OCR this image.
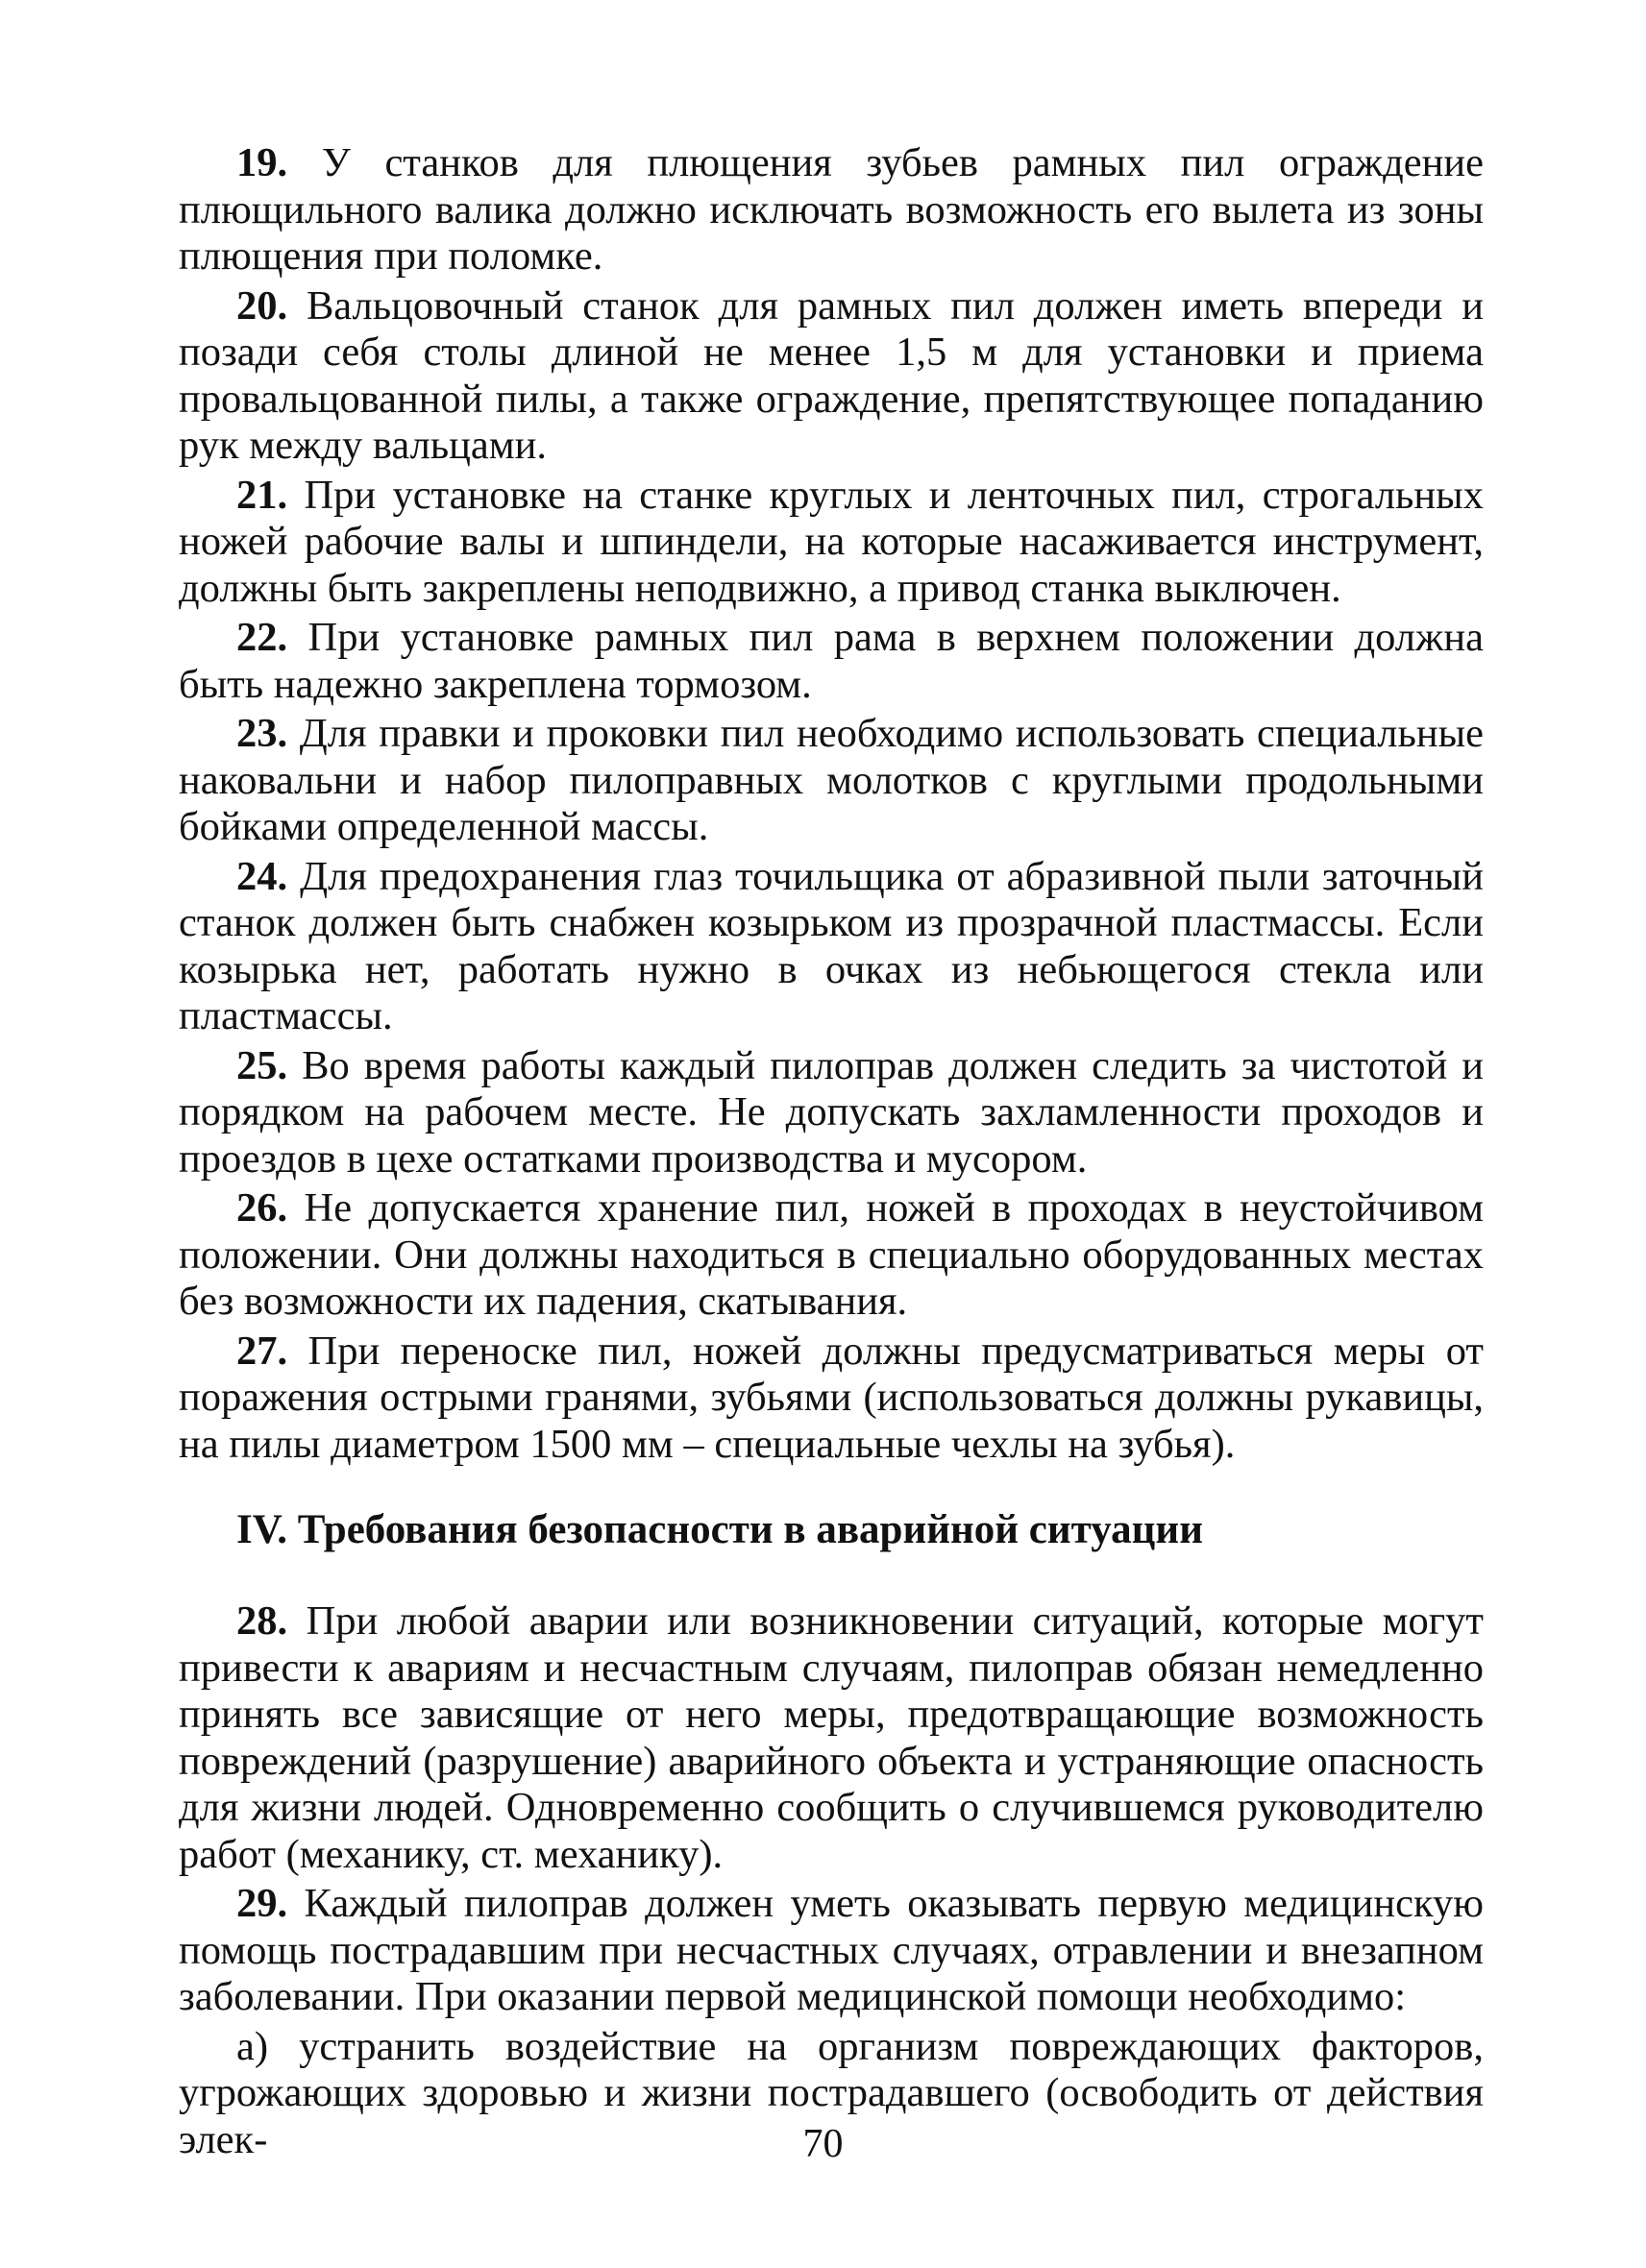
19. У станков для плющения зубьев рамных пил ограждение плющильного валика должно исключать возможность его вылета из зоны плющения при поломке.

20. Вальцовочный станок для рамных пил должен иметь впереди и позади себя столы длиной не менее 1,5 м для установки и приема провальцованной пилы, а также ограждение, препятствующее попаданию рук между вальцами.

21. При установке на станке круглых и ленточных пил, строгальных ножей рабочие валы и шпиндели, на которые насаживается инструмент, должны быть закреплены неподвижно, а привод станка выключен.

22. При установке рамных пил рама в верхнем положении должна быть надежно закреплена тормозом.

23. Для правки и проковки пил необходимо использовать специальные наковальни и набор пилоправных молотков с круглыми продольными бойками определенной массы.

24. Для предохранения глаз точильщика от абразивной пыли заточный станок должен быть снабжен козырьком из прозрачной пластмассы. Если козырька нет, работать нужно в очках из небьющегося стекла или пластмассы.

25. Во время работы каждый пилоправ должен следить за чистотой и порядком на рабочем месте. Не допускать захламленности проходов и проездов в цехе остатками производства и мусором.

26. Не допускается хранение пил, ножей в проходах в неустойчивом положении. Они должны находиться в специально оборудованных местах без возможности их падения, скатывания.

27. При переноске пил, ножей должны предусматриваться меры от поражения острыми гранями, зубьями (использоваться должны рукавицы, на пилы диаметром 1500 мм – специальные чехлы на зубья).

IV. Требования безопасности в аварийной ситуации

28. При любой аварии или возникновении ситуаций, которые могут привести к авариям и несчастным случаям, пилоправ обязан немедленно принять все зависящие от него меры, предотвращающие возможность повреждений (разрушение) аварийного объекта и устраняющие опасность для жизни людей. Одновременно сообщить о случившемся руководителю работ (механику, ст. механику).

29. Каждый пилоправ должен уметь оказывать первую медицинскую помощь пострадавшим при несчастных случаях, отравлении и внезапном заболевании. При оказании первой медицинской помощи необходимо:

а) устранить воздействие на организм повреждающих факторов, угрожающих здоровью и жизни пострадавшего (освободить от действия элек-	70
